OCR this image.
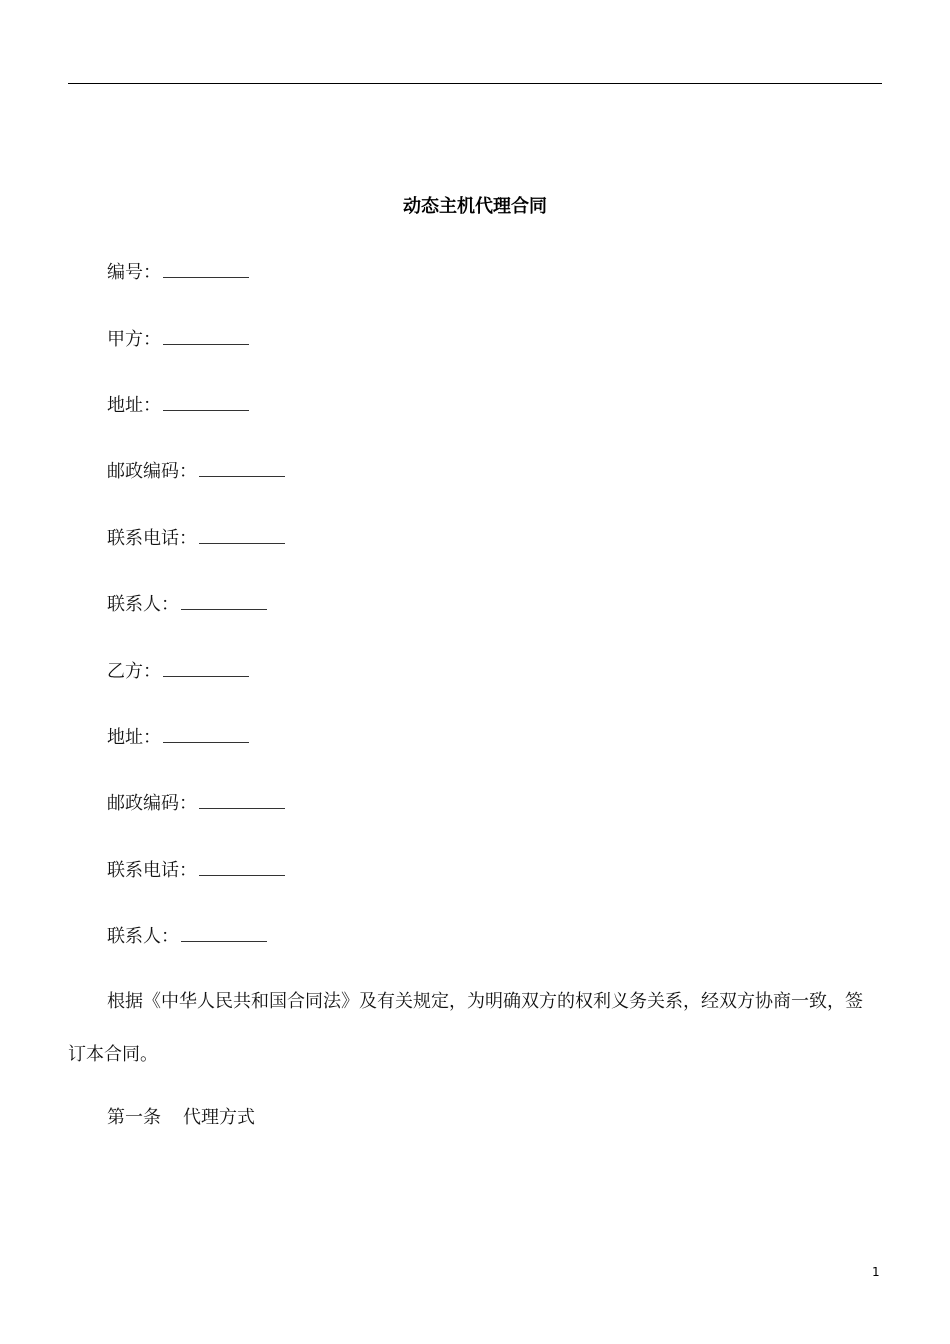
动态主机代理合同
编号：
甲方：
地址：
邮政编码：
联系电话：
联系人：
乙方：
地址：
邮政编码：
联系电话：
联系人：
根据《中华人民共和国合同法》及有关规定，为明确双方的权利义务关系，经双方协商一致，签
订本合同。
第一条 代理方式
1
